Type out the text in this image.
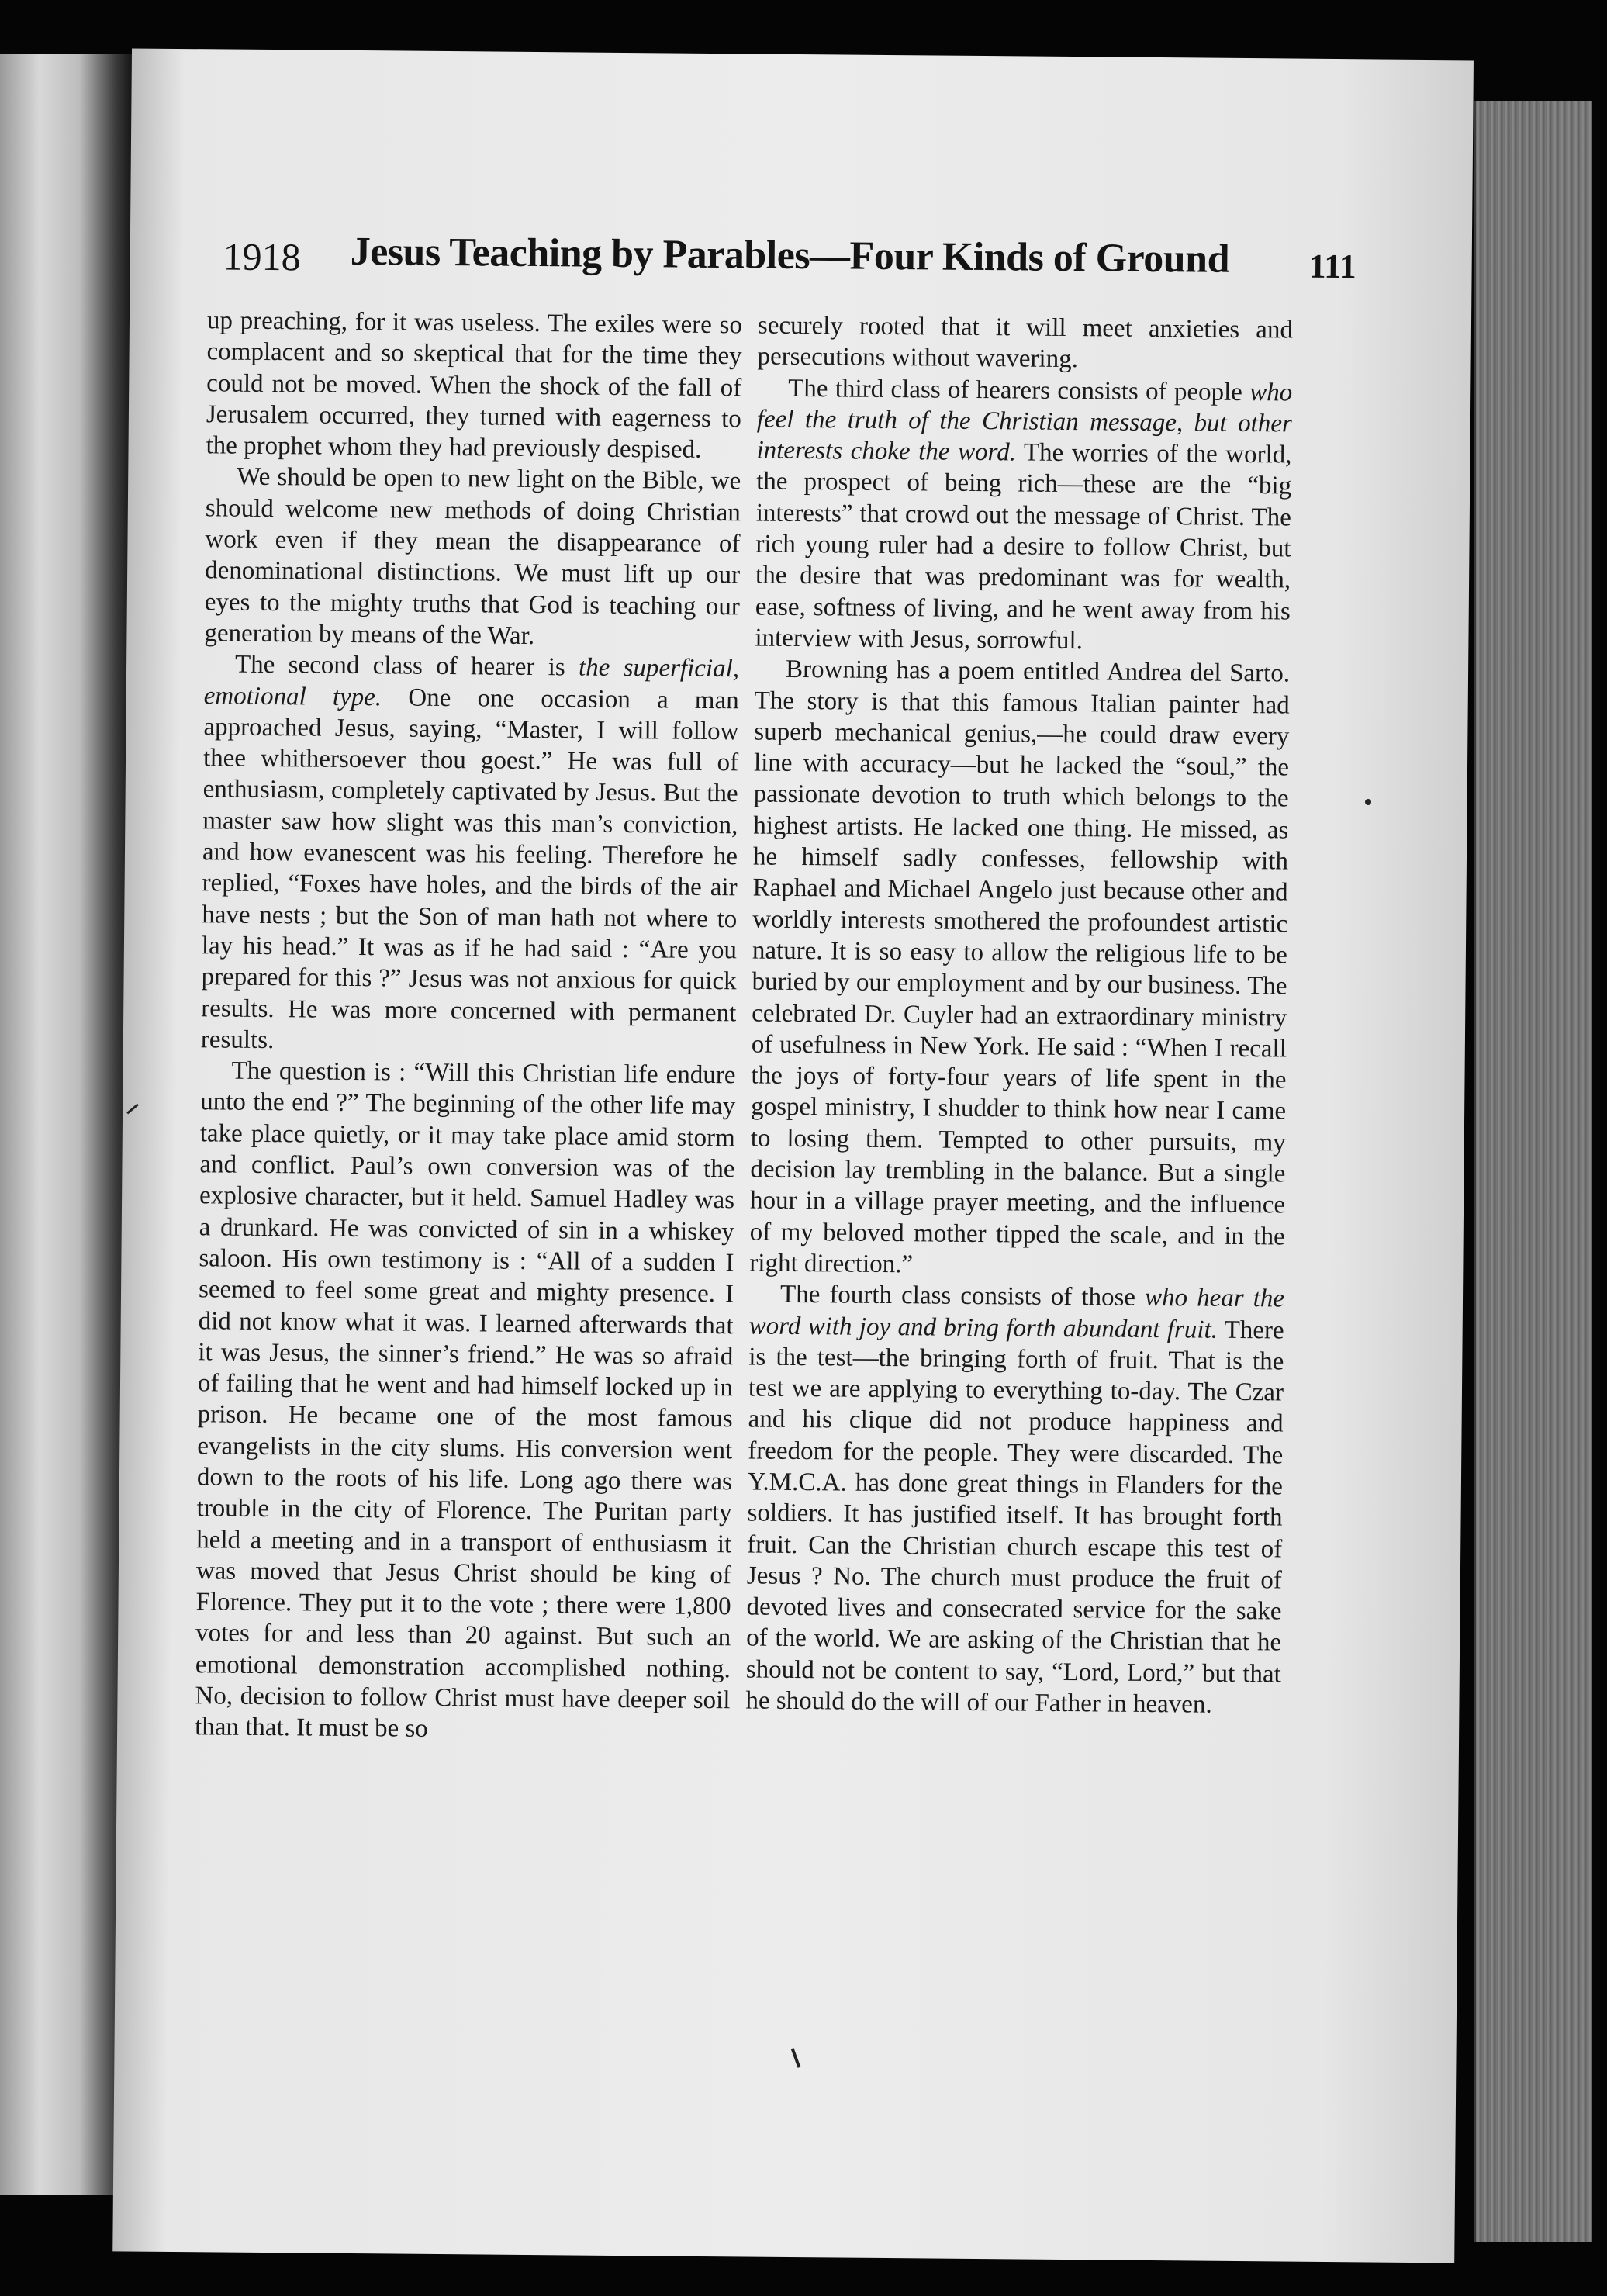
1918 Jesus Teaching by Parables—Four Kinds of Ground 111

up preaching, for it was useless. The exiles were so complacent and so skeptical that for the time they could not be moved. When the shock of the fall of Jerusalem occurred, they turned with eagerness to the prophet whom they had previously despised.

We should be open to new light on the Bible, we should welcome new methods of doing Christian work even if they mean the disappearance of denominational distinctions. We must lift up our eyes to the mighty truths that God is teaching our generation by means of the War.

The second class of hearer is the superficial, emotional type. One one occasion a man approached Jesus, saying, “Master, I will follow thee whithersoever thou goest.” He was full of enthusiasm, completely captivated by Jesus. But the master saw how slight was this man’s conviction, and how evanescent was his feeling. Therefore he replied, “Foxes have holes, and the birds of the air have nests ; but the Son of man hath not where to lay his head.” It was as if he had said : “Are you prepared for this ?” Jesus was not anxious for quick results. He was more concerned with permanent results.

The question is : “Will this Christian life endure unto the end ?” The beginning of the other life may take place quietly, or it may take place amid storm and conflict. Paul’s own conversion was of the explosive character, but it held. Samuel Hadley was a drunkard. He was convicted of sin in a whiskey saloon. His own testimony is : “All of a sudden I seemed to feel some great and mighty presence. I did not know what it was. I learned afterwards that it was Jesus, the sinner’s friend.” He was so afraid of failing that he went and had himself locked up in prison. He became one of the most famous evangelists in the city slums. His conversion went down to the roots of his life. Long ago there was trouble in the city of Florence. The Puritan party held a meeting and in a transport of enthusiasm it was moved that Jesus Christ should be king of Florence. They put it to the vote ; there were 1,800 votes for and less than 20 against. But such an emotional demonstration accomplished nothing. No, decision to follow Christ must have deeper soil than that. It must be so

securely rooted that it will meet anxieties and persecutions without wavering.

The third class of hearers consists of people who feel the truth of the Christian message, but other interests choke the word. The worries of the world, the prospect of being rich—these are the “big interests” that crowd out the message of Christ. The rich young ruler had a desire to follow Christ, but the desire that was predominant was for wealth, ease, softness of living, and he went away from his interview with Jesus, sorrowful.

Browning has a poem entitled Andrea del Sarto. The story is that this famous Italian painter had superb mechanical genius,—he could draw every line with accuracy—but he lacked the “soul,” the passionate devotion to truth which belongs to the highest artists. He lacked one thing. He missed, as he himself sadly confesses, fellowship with Raphael and Michael Angelo just because other and worldly interests smothered the profoundest artistic nature. It is so easy to allow the religious life to be buried by our employment and by our business. The celebrated Dr. Cuyler had an extraordinary ministry of usefulness in New York. He said : “When I recall the joys of forty-four years of life spent in the gospel ministry, I shudder to think how near I came to losing them. Tempted to other pursuits, my decision lay trembling in the balance. But a single hour in a village prayer meeting, and the influence of my beloved mother tipped the scale, and in the right direction.”

The fourth class consists of those who hear the word with joy and bring forth abundant fruit. There is the test—the bringing forth of fruit. That is the test we are applying to everything to-day. The Czar and his clique did not produce happiness and freedom for the people. They were discarded. The Y.M.C.A. has done great things in Flanders for the soldiers. It has justified itself. It has brought forth fruit. Can the Christian church escape this test of Jesus ? No. The church must produce the fruit of devoted lives and consecrated service for the sake of the world. We are asking of the Christian that he should not be content to say, “Lord, Lord,” but that he should do the will of our Father in heaven.
